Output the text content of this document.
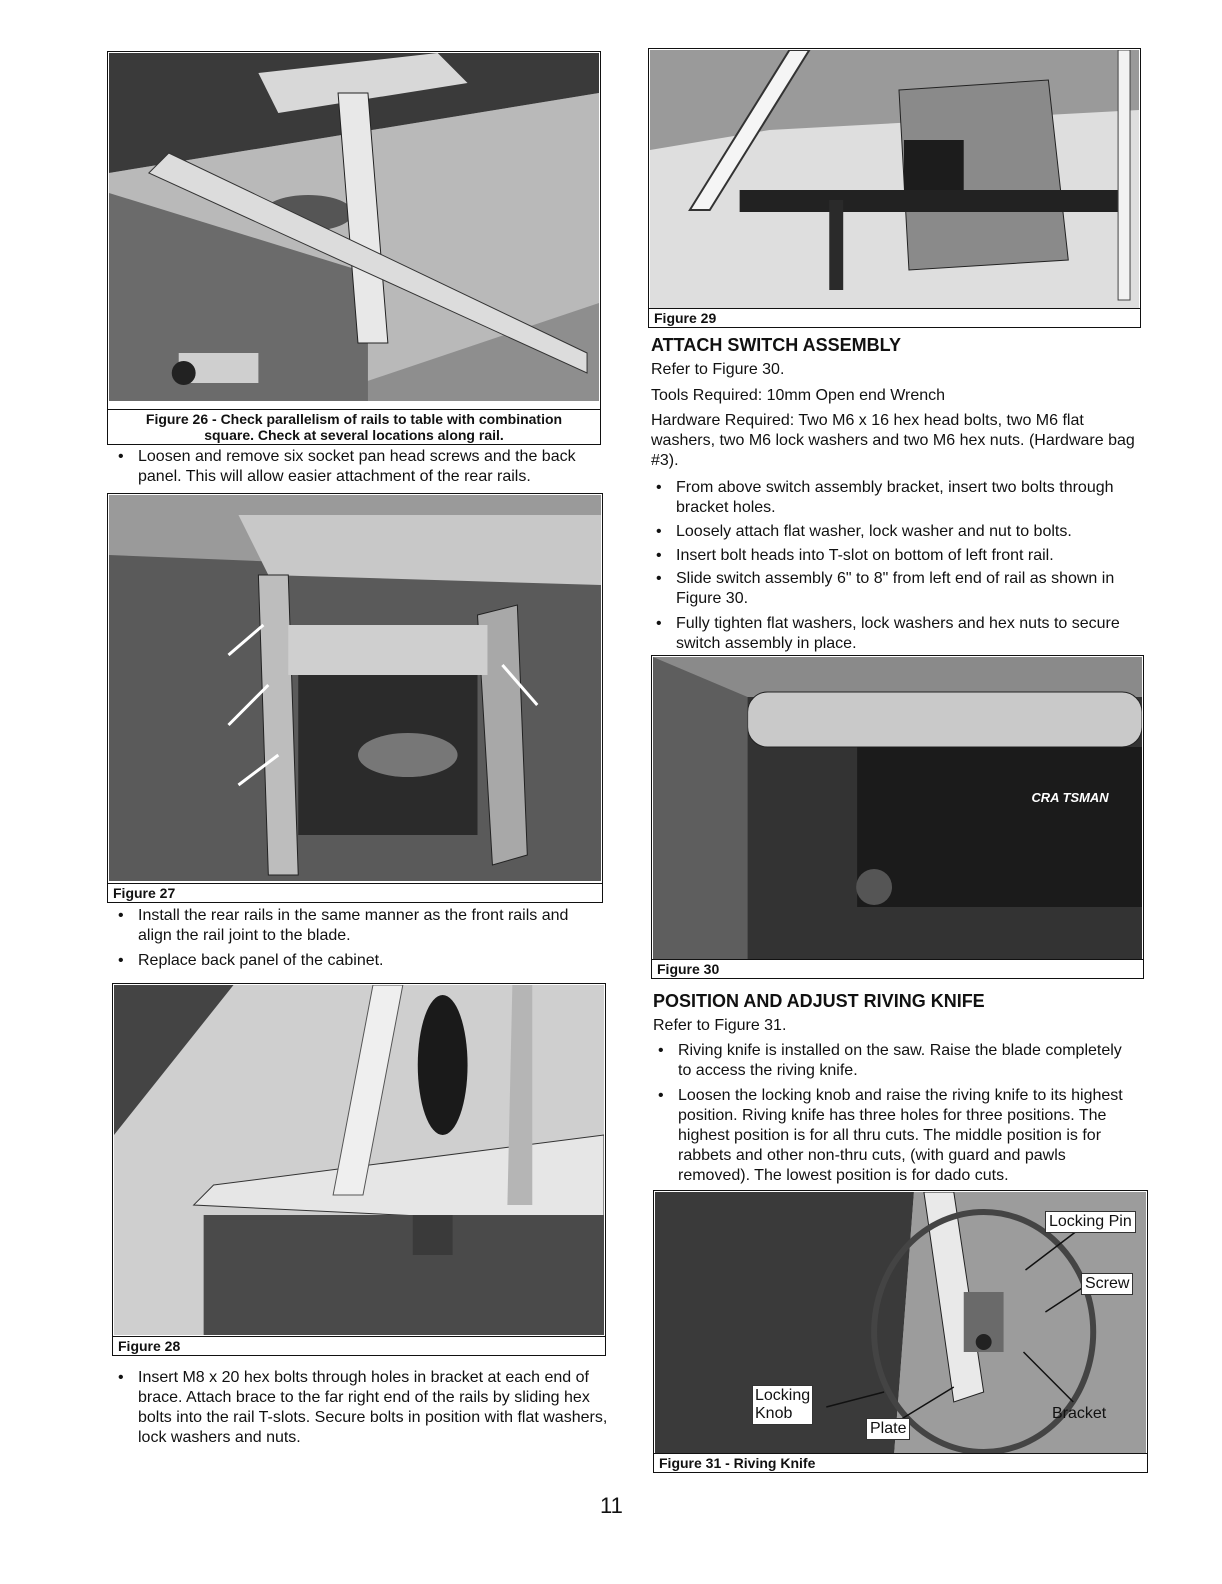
Figure 26 - Check parallelism of rails to table with combination
square. Check at several locations along rail.
• Loosen and remove six socket pan head screws and the back panel. This will allow easier attachment of the rear rails.
Figure 27
• Install the rear rails in the same manner as the front rails and align the rail joint to the blade.
• Replace back panel of the cabinet.
Figure 28
• Insert M8 x 20 hex bolts through holes in bracket at each end of brace. Attach brace to the far right end of the rails by sliding hex bolts into the rail T-slots. Secure bolts in position with flat washers, lock washers and nuts.
Figure 29
ATTACH SWITCH ASSEMBLY
Refer to Figure 30.
Tools Required: 10mm Open end Wrench
Hardware Required: Two M6 x 16 hex head bolts, two M6 flat washers, two M6 lock washers and two M6 hex nuts. (Hardware bag #3).
• From above switch assembly bracket, insert two bolts through bracket holes.
• Loosely attach flat washer, lock washer and nut to bolts.
• Insert bolt heads into T-slot on bottom of left front rail.
• Slide switch assembly 6" to 8" from left end of rail as shown in Figure 30.
• Fully tighten flat washers, lock washers and hex nuts to secure switch assembly in place.
CRA TSMAN
Figure 30
POSITION AND ADJUST RIVING KNIFE
Refer to Figure 31.
• Riving knife is installed on the saw. Raise the blade completely to access the riving knife.
• Loosen the locking knob and raise the riving knife to its highest position. Riving knife has three holes for three positions. The highest position is for all thru cuts. The middle position is for rabbets and other non-thru cuts, (with guard and pawls removed). The lowest position is for dado cuts.
Locking Pin
Screw
Locking
Knob
Plate
Bracket
Figure 31 - Riving Knife
11
